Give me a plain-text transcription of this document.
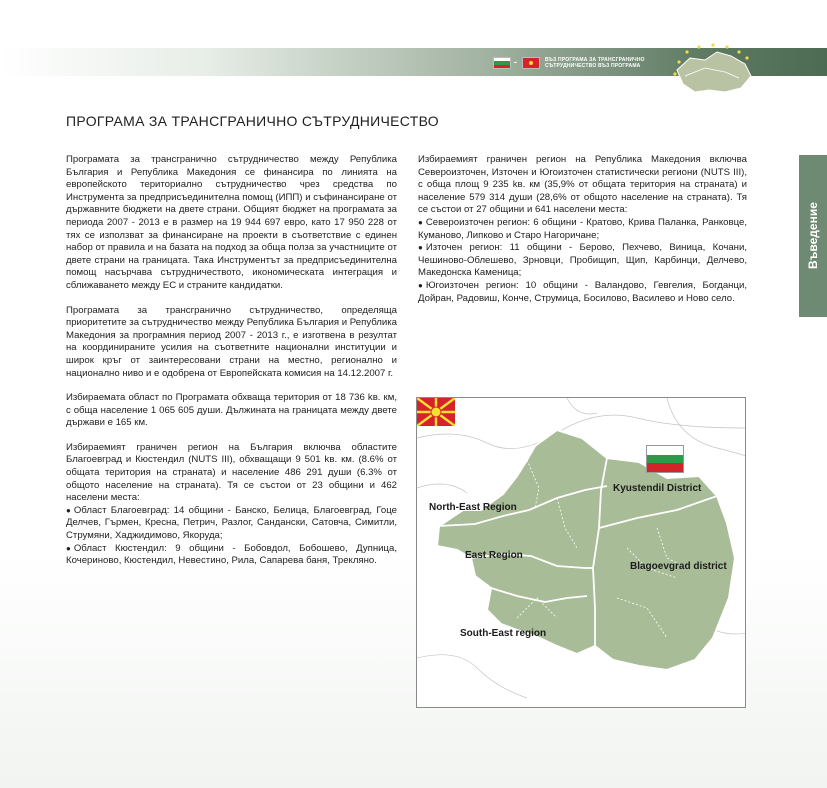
-	ВЪЗ ПРОГРАМА ЗА ТРАНСГРАНИЧНО СЪТРУДНИЧЕСТВО ВЪЗ ПРОГРАМА
ПРОГРАМА ЗА ТРАНСГРАНИЧНО СЪТРУДНИЧЕСТВО
Въведение

Програмата за трансгранично сътрудничество между Република България и Република Македония се финансира по линията на европейското териториално сътрудничество чрез средства по Инструмента за предприсъединителна помощ (ИПП) и съфинансиране от държавните бюджети на двете страни. Общият бюджет на програмата за периода 2007 - 2013 е в размер на 19 944 697 евро, като 17 950 228 от тях се използват за финансиране на проекти в съответствие с единен набор от правила и на базата на подход за обща полза за участниците от двете страни на границата. Така Инструментът за предприсъединителна помощ насърчава сътрудничеството, икономическата интеграция и сближаването между ЕС и страните кандидатки.

Програмата за трансгранично сътрудничество, определяща приоритетите за сътрудничество между Република България и Република Македония за програмния период 2007 - 2013 г., е изготвена в резултат на координираните усилия на съответните национални институции и широк кръг от заинтересовани страни на местно, регионално и национално ниво и е одобрена от Европейската комисия на 14.12.2007 г.

Избираемата област по Програмата обхваща територия от 18 736 kв. км, с обща население 1 065 605 души. Дължината на границата между двете държави е 165 км.

Избираемият граничен регион на България включва областите Благоевград и Кюстендил (NUTS III), обхващащи 9 501 kв. км. (8.6% от общата територия на страната) и население 486 291 души (6.3% от общото население на страната). Тя се състои от 23 общини и 462 населени места:

● Област Благоевград: 14 общини - Банско, Белица, Благоевград, Гоце Делчев, Гърмен, Кресна, Петрич, Разлог, Сандански, Сатовча, Симитли, Струмяни, Хаджидимово, Якоруда;

● Област Кюстендил: 9 общини - Бобовдол, Бобошево, Дупница, Кочериново, Кюстендил, Невестино, Рила, Сапарева баня, Трекляно.

Избираемият граничен регион на Република Македония включва Североизточен, Източен и Югоизточен статистически региони (NUTS III), с обща площ 9 235 kв. км (35,9% от общата територия на страната) и население 579 314 души (28,6% от общото население на страната). Тя се състои от 27 общини и 641 населени места:

● Североизточен регион: 6 общини - Кратово, Крива Паланка, Ранковце, Куманово, Липково и Старо Нагоричане;

● Източен регион: 11 общини - Берово, Пехчево, Виница, Кочани, Чешиново-Облешево, Зрновци, Пробищип, Щип, Карбинци, Делчево, Македонска Каменица;

● Югоизточен регион: 10 общини - Валандово, Гевгелия, Богданци, Дойран, Радовиш, Конче, Струмица, Босилово, Василево и Ново село.

Kyustendil District
North-East Region
East Region
Blagoevgrad district
South-East region
